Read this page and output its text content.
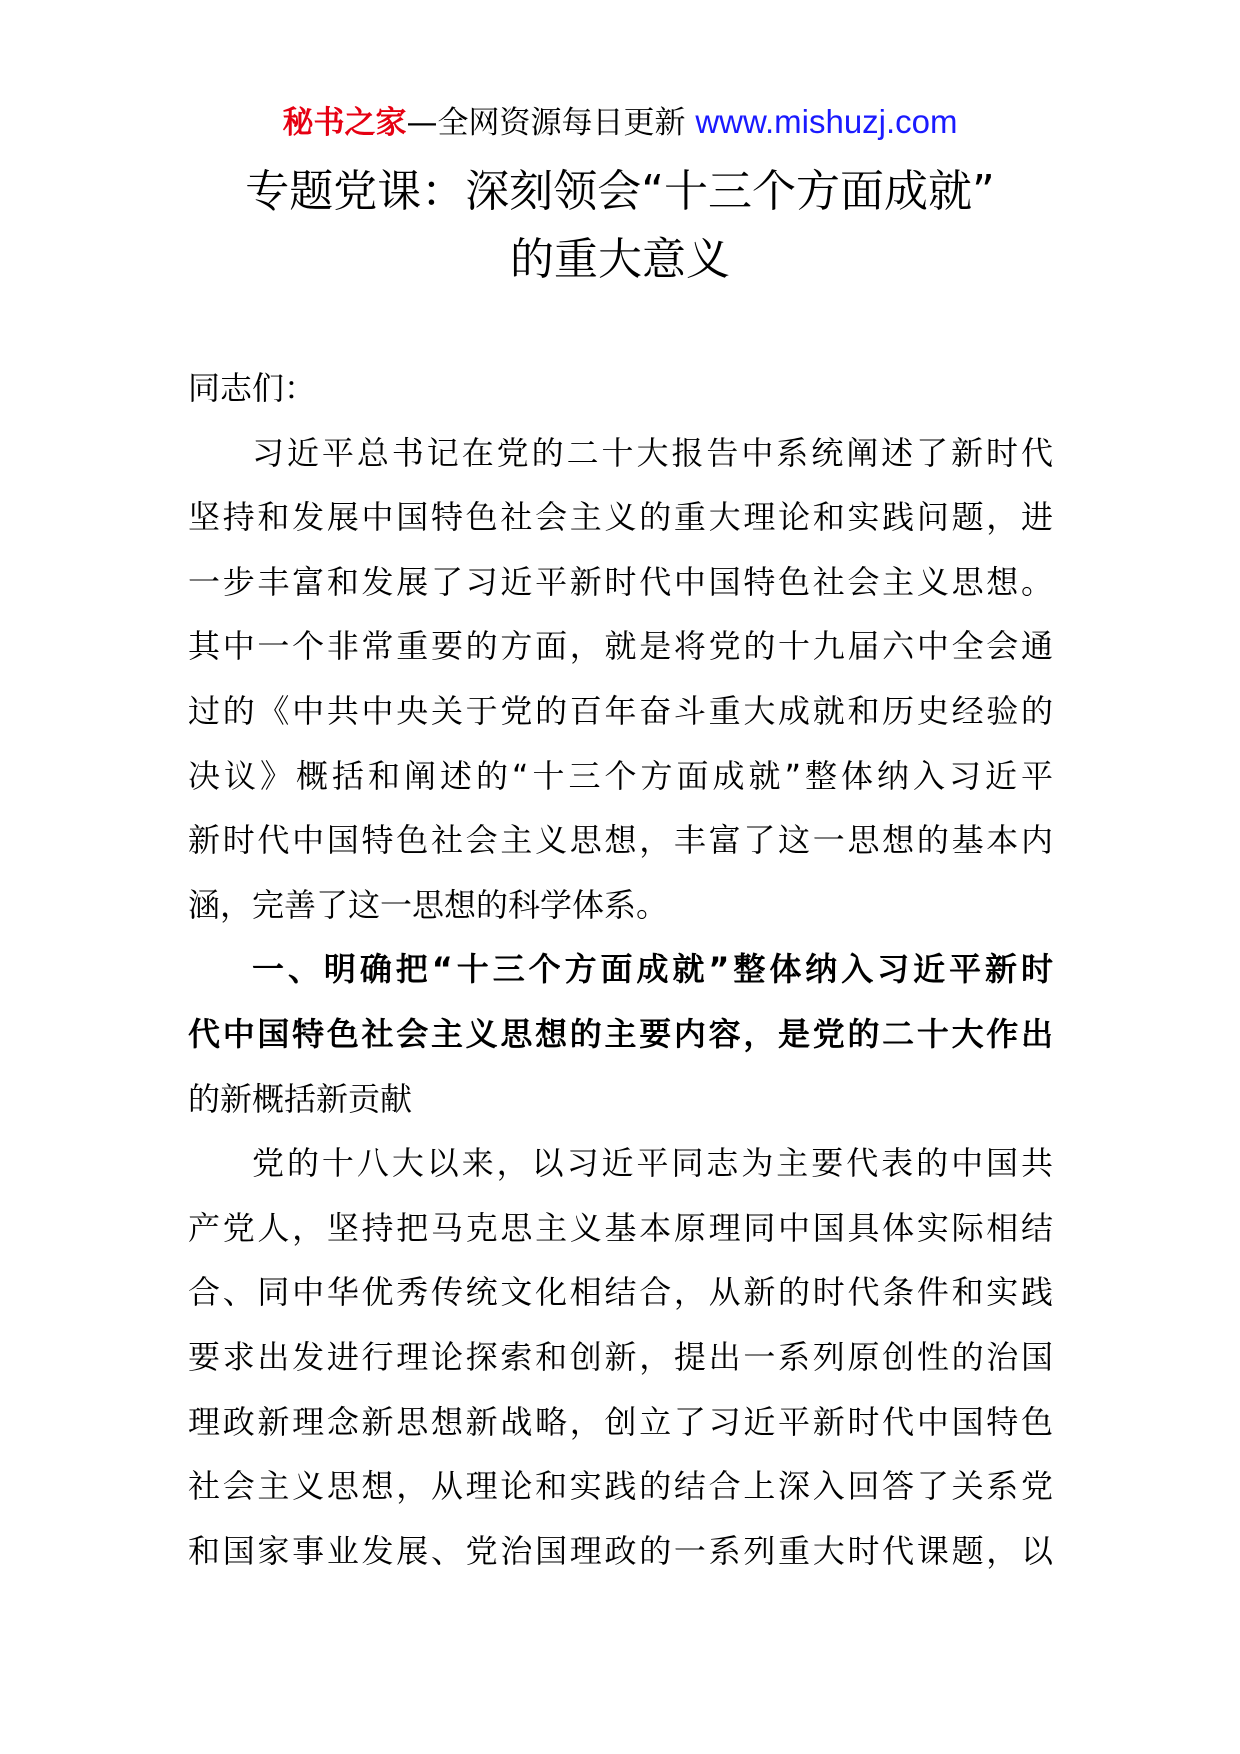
秘书之家—全网资源每日更新 www.mishuzj.com
专题党课：深刻领会“十三个方面成就”
的重大意义

同志们：

习近平总书记在党的二十大报告中系统阐述了新时代
坚持和发展中国特色社会主义的重大理论和实践问题，进
一步丰富和发展了习近平新时代中国特色社会主义思想。
其中一个非常重要的方面，就是将党的十九届六中全会通
过的《中共中央关于党的百年奋斗重大成就和历史经验的
决议》概括和阐述的“十三个方面成就”整体纳入习近平
新时代中国特色社会主义思想，丰富了这一思想的基本内
涵，完善了这一思想的科学体系。

一、明确把“十三个方面成就”整体纳入习近平新时
代中国特色社会主义思想的主要内容，是党的二十大作出
的新概括新贡献

党的十八大以来，以习近平同志为主要代表的中国共
产党人，坚持把马克思主义基本原理同中国具体实际相结
合、同中华优秀传统文化相结合，从新的时代条件和实践
要求出发进行理论探索和创新，提出一系列原创性的治国
理政新理念新思想新战略，创立了习近平新时代中国特色
社会主义思想，从理论和实践的结合上深入回答了关系党
和国家事业发展、党治国理政的一系列重大时代课题，以
